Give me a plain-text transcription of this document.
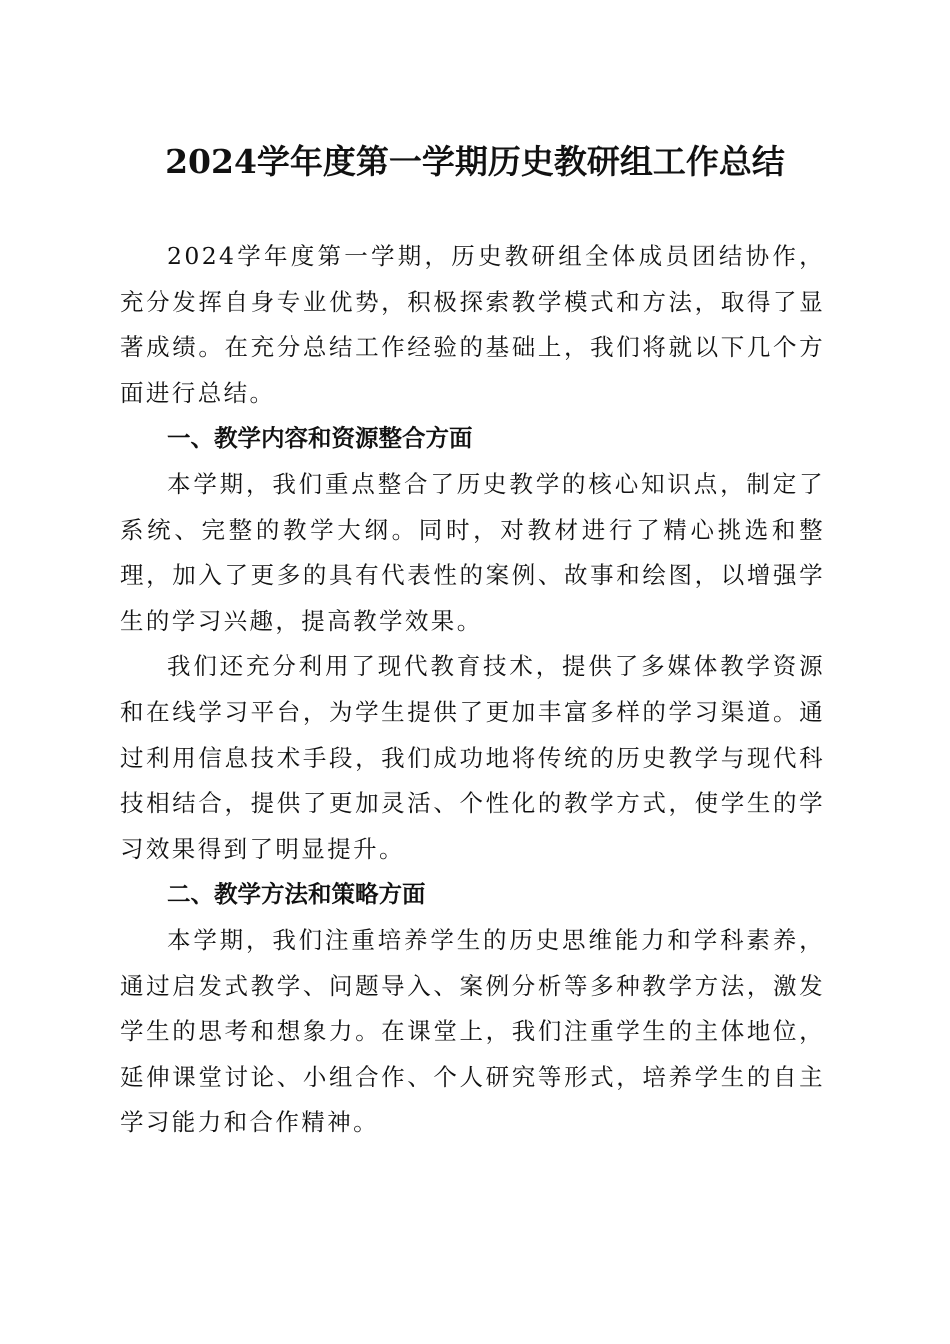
2024学年度第一学期历史教研组工作总结

2024学年度第一学期，历史教研组全体成员团结协作，充分发挥自身专业优势，积极探索教学模式和方法，取得了显著成绩。在充分总结工作经验的基础上，我们将就以下几个方面进行总结。

一、教学内容和资源整合方面

本学期，我们重点整合了历史教学的核心知识点，制定了系统、完整的教学大纲。同时，对教材进行了精心挑选和整理，加入了更多的具有代表性的案例、故事和绘图，以增强学生的学习兴趣，提高教学效果。

我们还充分利用了现代教育技术，提供了多媒体教学资源和在线学习平台，为学生提供了更加丰富多样的学习渠道。通过利用信息技术手段，我们成功地将传统的历史教学与现代科技相结合，提供了更加灵活、个性化的教学方式，使学生的学习效果得到了明显提升。

二、教学方法和策略方面

本学期，我们注重培养学生的历史思维能力和学科素养，通过启发式教学、问题导入、案例分析等多种教学方法，激发学生的思考和想象力。在课堂上，我们注重学生的主体地位，延伸课堂讨论、小组合作、个人研究等形式，培养学生的自主学习能力和合作精神。
